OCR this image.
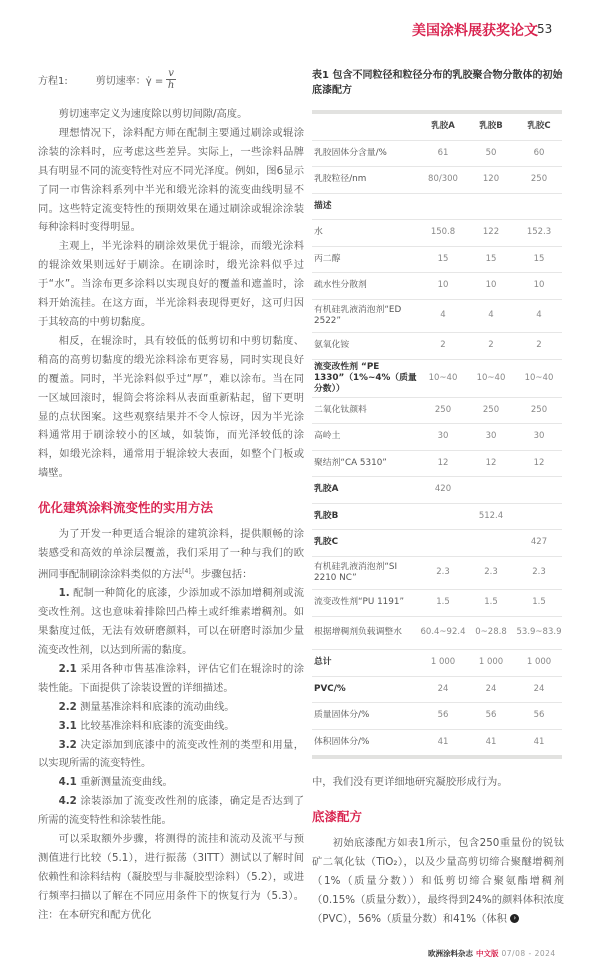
美国涂料展获奖论文 53
方程1:	剪切速率：γ̇ = $\frac{v}{h}$

剪切速率定义为速度除以剪切间隙/高度。

理想情况下，涂料配方师在配制主要通过刷涂或辊涂涂装的涂料时，应考虑这些差异。实际上，一些涂料品牌具有明显不同的流变特性对应不同光泽度。例如，图6显示了同一市售涂料系列中半光和缎光涂料的流变曲线明显不同。这些特定流变特性的预期效果在通过刷涂或辊涂涂装每种涂料时变得明显。

主观上，半光涂料的刷涂效果优于辊涂，而缎光涂料的辊涂效果则远好于刷涂。在刷涂时，缎光涂料似乎过于“水”。当涂布更多涂料以实现良好的覆盖和遮盖时，涂料开始流挂。在这方面，半光涂料表现得更好，这可归因于其较高的中剪切黏度。

相反，在辊涂时，具有较低的低剪切和中剪切黏度、稍高的高剪切黏度的缎光涂料涂布更容易，同时实现良好的覆盖。同时，半光涂料似乎过“厚”，难以涂布。当在同一区域回滚时，辊筒会将涂料从表面重新粘起，留下更明显的点状图案。这些观察结果并不令人惊讶，因为半光涂料通常用于刷涂较小的区域，如装饰，而光泽较低的涂料，如缎光涂料，通常用于辊涂较大表面，如整个门板或墙壁。

优化建筑涂料流变性的实用方法

为了开发一种更适合辊涂的建筑涂料，提供顺畅的涂装感受和高效的单涂层覆盖，我们采用了一种与我们的欧洲同事配制刷涂涂料类似的方法[4]。步骤包括：

1. 配制一种简化的底漆，少添加或不添加增稠剂或流变改性剂。这也意味着排除凹凸棒土或纤维素增稠剂。如果黏度过低，无法有效研磨颜料，可以在研磨时添加少量流变改性剂，以达到所需的黏度。

2.1 采用各种市售基准涂料，评估它们在辊涂时的涂装性能。下面提供了涂装设置的详细描述。

2.2 测量基准涂料和底漆的流动曲线。

3.1 比较基准涂料和底漆的流变曲线。

3.2 决定添加到底漆中的流变改性剂的类型和用量，以实现所需的流变特性。

4.1 重新测量流变曲线。

4.2 涂装添加了流变改性剂的底漆，确定是否达到了所需的流变特性和涂装性能。

可以采取额外步骤，将测得的流挂和流动及流平与预测值进行比较（5.1），进行振荡（3ITT）测试以了解时间依赖性和涂料结构（凝胶型与非凝胶型涂料）（5.2），或进行频率扫描以了解在不同应用条件下的恢复行为（5.3）。注：在本研究和配方优化

表1 包含不同粒径和粒径分布的乳胶聚合物分散体的初始底漆配方
	乳胶A	乳胶B	乳胶C
乳胶固体分含量/%	61	50	60
乳胶粒径/nm	80/300	120	250
描述			
水	150.8	122	152.3
丙二醇	15	15	15
疏水性分散剂	10	10	10
有机硅乳液消泡剂“ED 2522”	4	4	4
氨氧化铵	2	2	2
流变改性剂 “PE 1330”（1%~4%（质量分数））	10~40	10~40	10~40
二氧化钛颜料	250	250	250
高岭土	30	30	30
聚结剂“CA 5310”	12	12	12
乳胶A	420		
乳胶B		512.4	
乳胶C			427
有机硅乳液消泡剂“SI 2210 NC”	2.3	2.3	2.3
流变改性剂“PU 1191”	1.5	1.5	1.5
根据增稠剂负载调整水	60.4~92.4	0~28.8	53.9~83.9
总计	1 000	1 000	1 000
PVC/%	24	24	24
质量固体分/%	56	56	56
体积固体分/%	41	41	41

中，我们没有更详细地研究凝胶形成行为。

底漆配方

初始底漆配方如表1所示，包含250重量份的锐钛矿二氧化钛（TiO₂），以及少量高剪切缔合聚醚增稠剂（1%（质量分数））和低剪切缔合聚氨酯增稠剂（0.15%（质量分数）），最终得到24%的颜料体积浓度（PVC），56%（质量分数）和41%（体积 ›

欧洲涂料杂志 中文版 07/08 - 2024
